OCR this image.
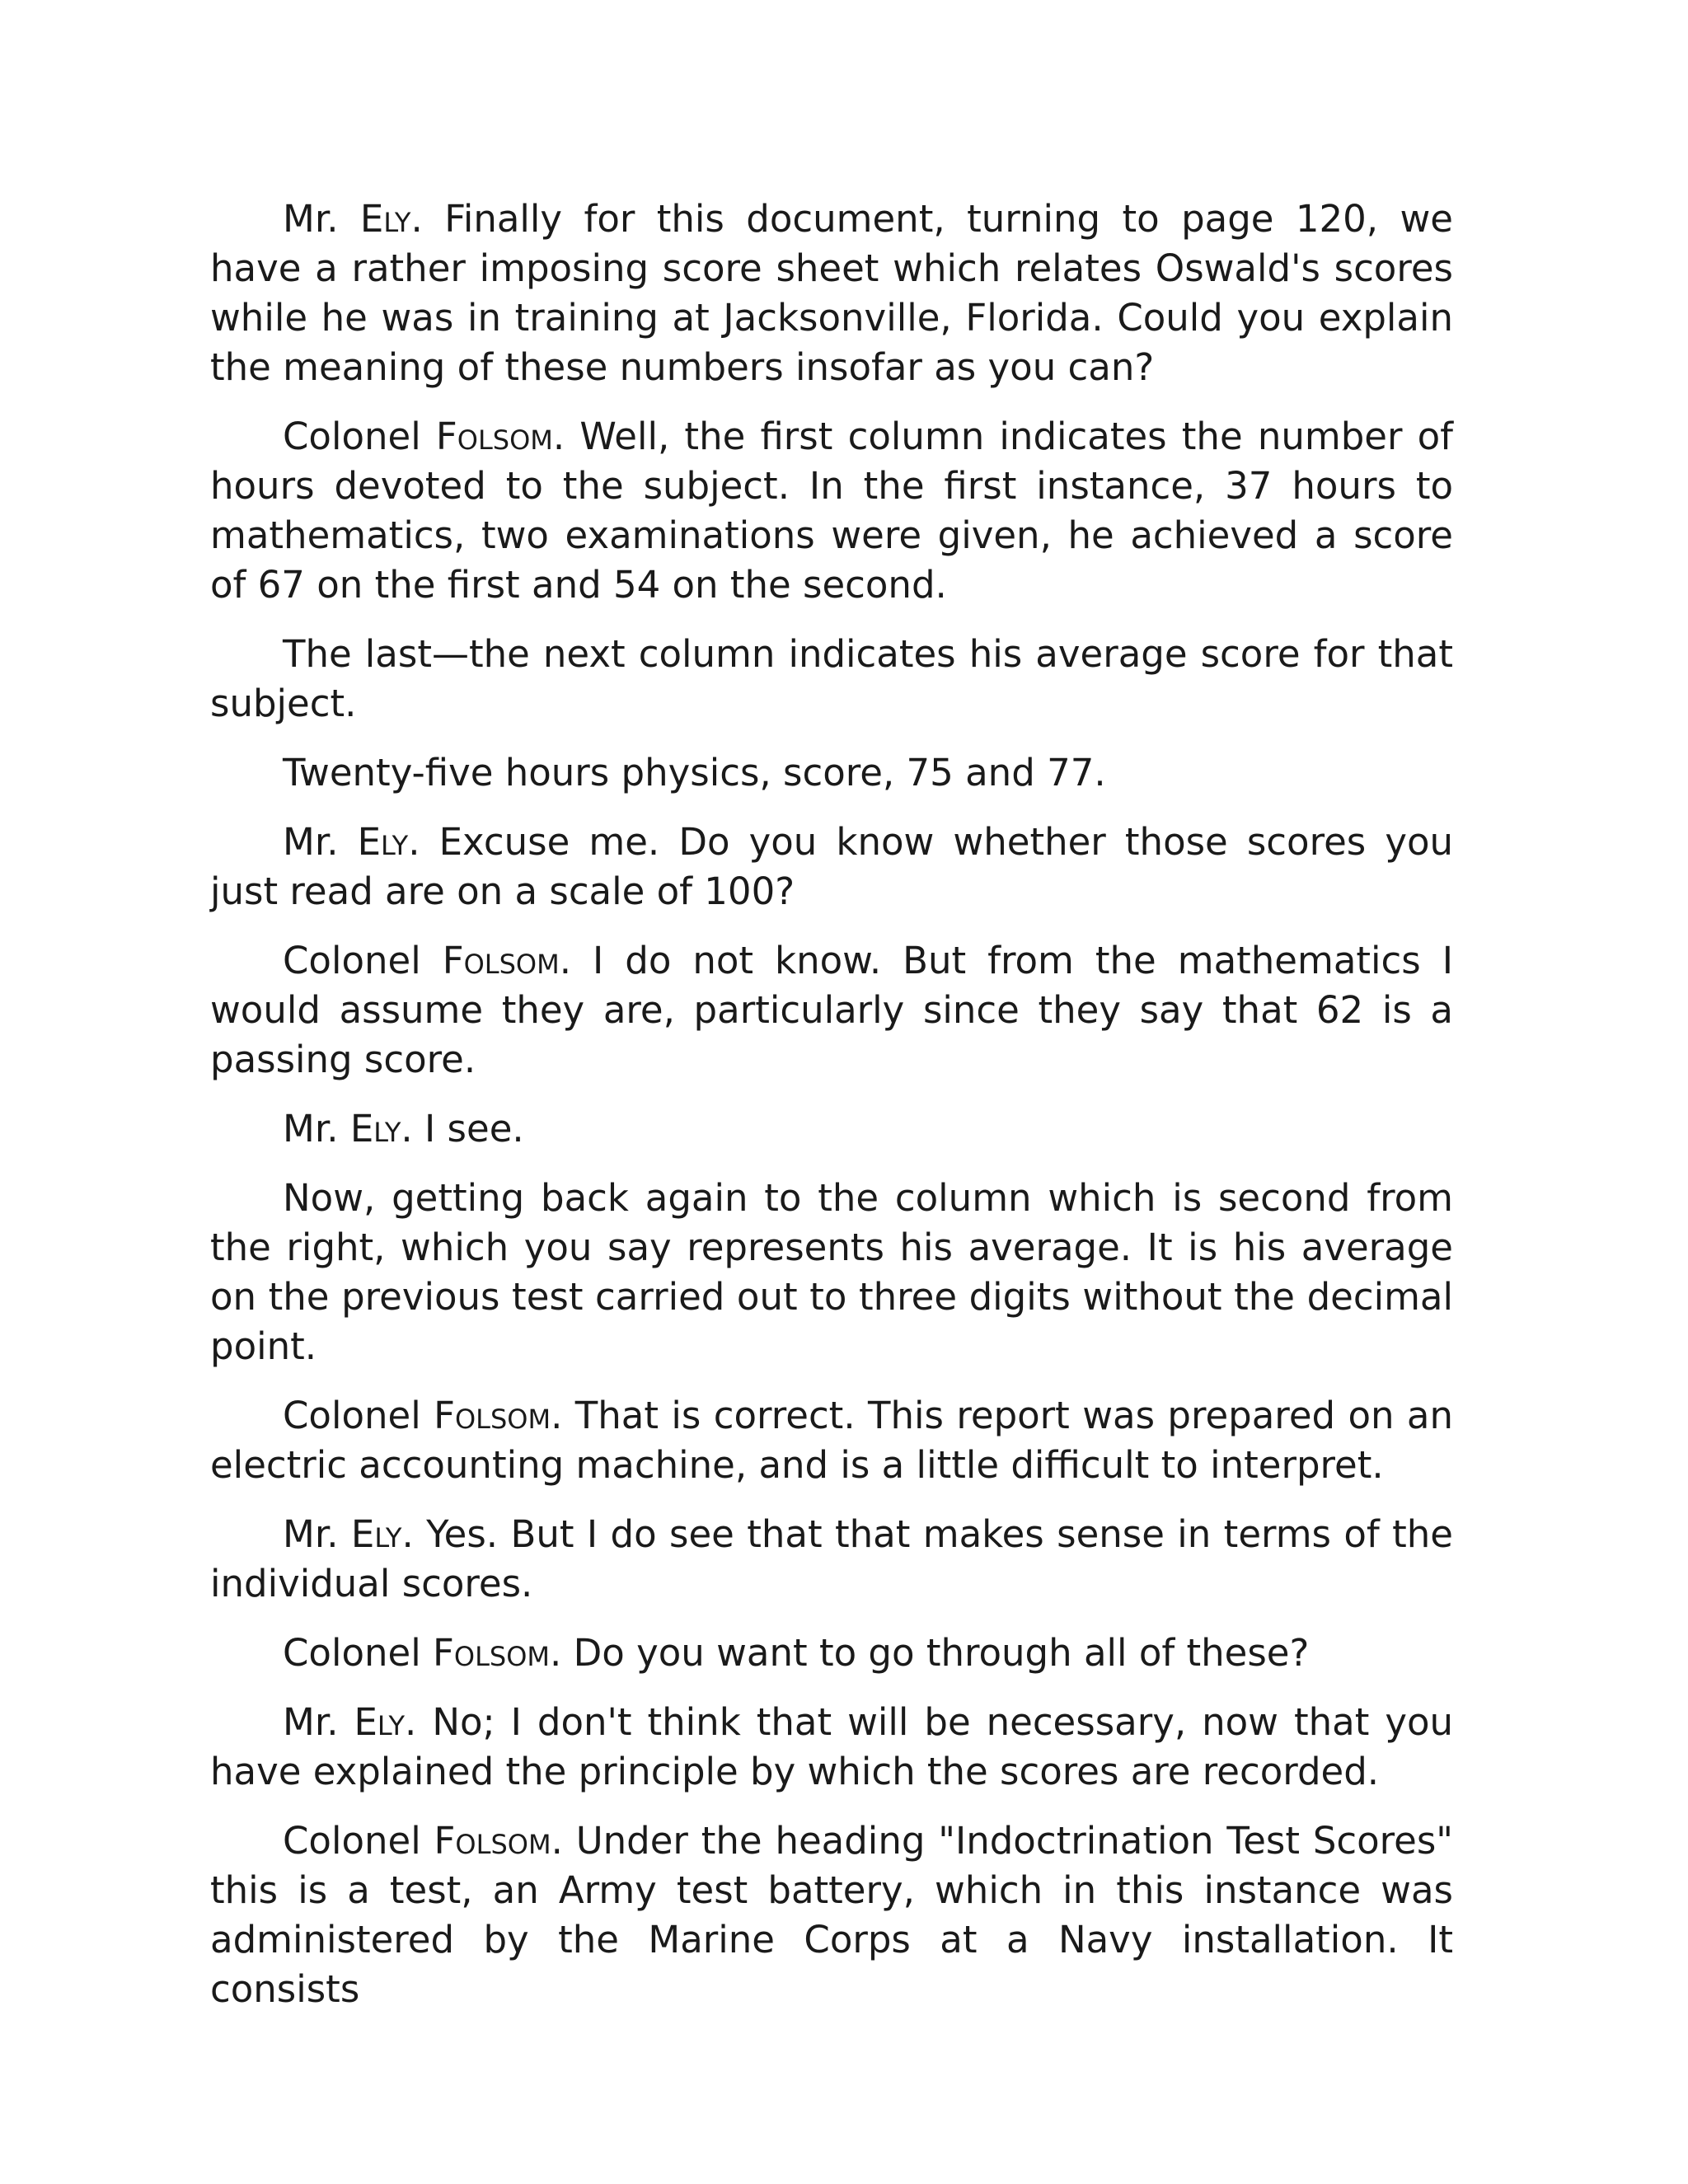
Mr. Ely. Finally for this document, turning to page 120, we have a rather imposing score sheet which relates Oswald's scores while he was in training at Jacksonville, Florida. Could you explain the meaning of these numbers insofar as you can?

Colonel Folsom. Well, the first column indicates the number of hours devoted to the subject. In the first instance, 37 hours to mathematics, two examinations were given, he achieved a score of 67 on the first and 54 on the second.

The last—the next column indicates his average score for that subject.

Twenty-five hours physics, score, 75 and 77.

Mr. Ely. Excuse me. Do you know whether those scores you just read are on a scale of 100?

Colonel Folsom. I do not know. But from the mathematics I would assume they are, particularly since they say that 62 is a passing score.

Mr. Ely. I see.

Now, getting back again to the column which is second from the right, which you say represents his average. It is his average on the previous test carried out to three digits without the decimal point.

Colonel Folsom. That is correct. This report was prepared on an electric accounting machine, and is a little difficult to interpret.

Mr. Ely. Yes. But I do see that that makes sense in terms of the individual scores.

Colonel Folsom. Do you want to go through all of these?

Mr. Ely. No; I don't think that will be necessary, now that you have explained the principle by which the scores are recorded.

Colonel Folsom. Under the heading "Indoctrination Test Scores" this is a test, an Army test battery, which in this instance was administered by the Marine Corps at a Navy installation. It consists
